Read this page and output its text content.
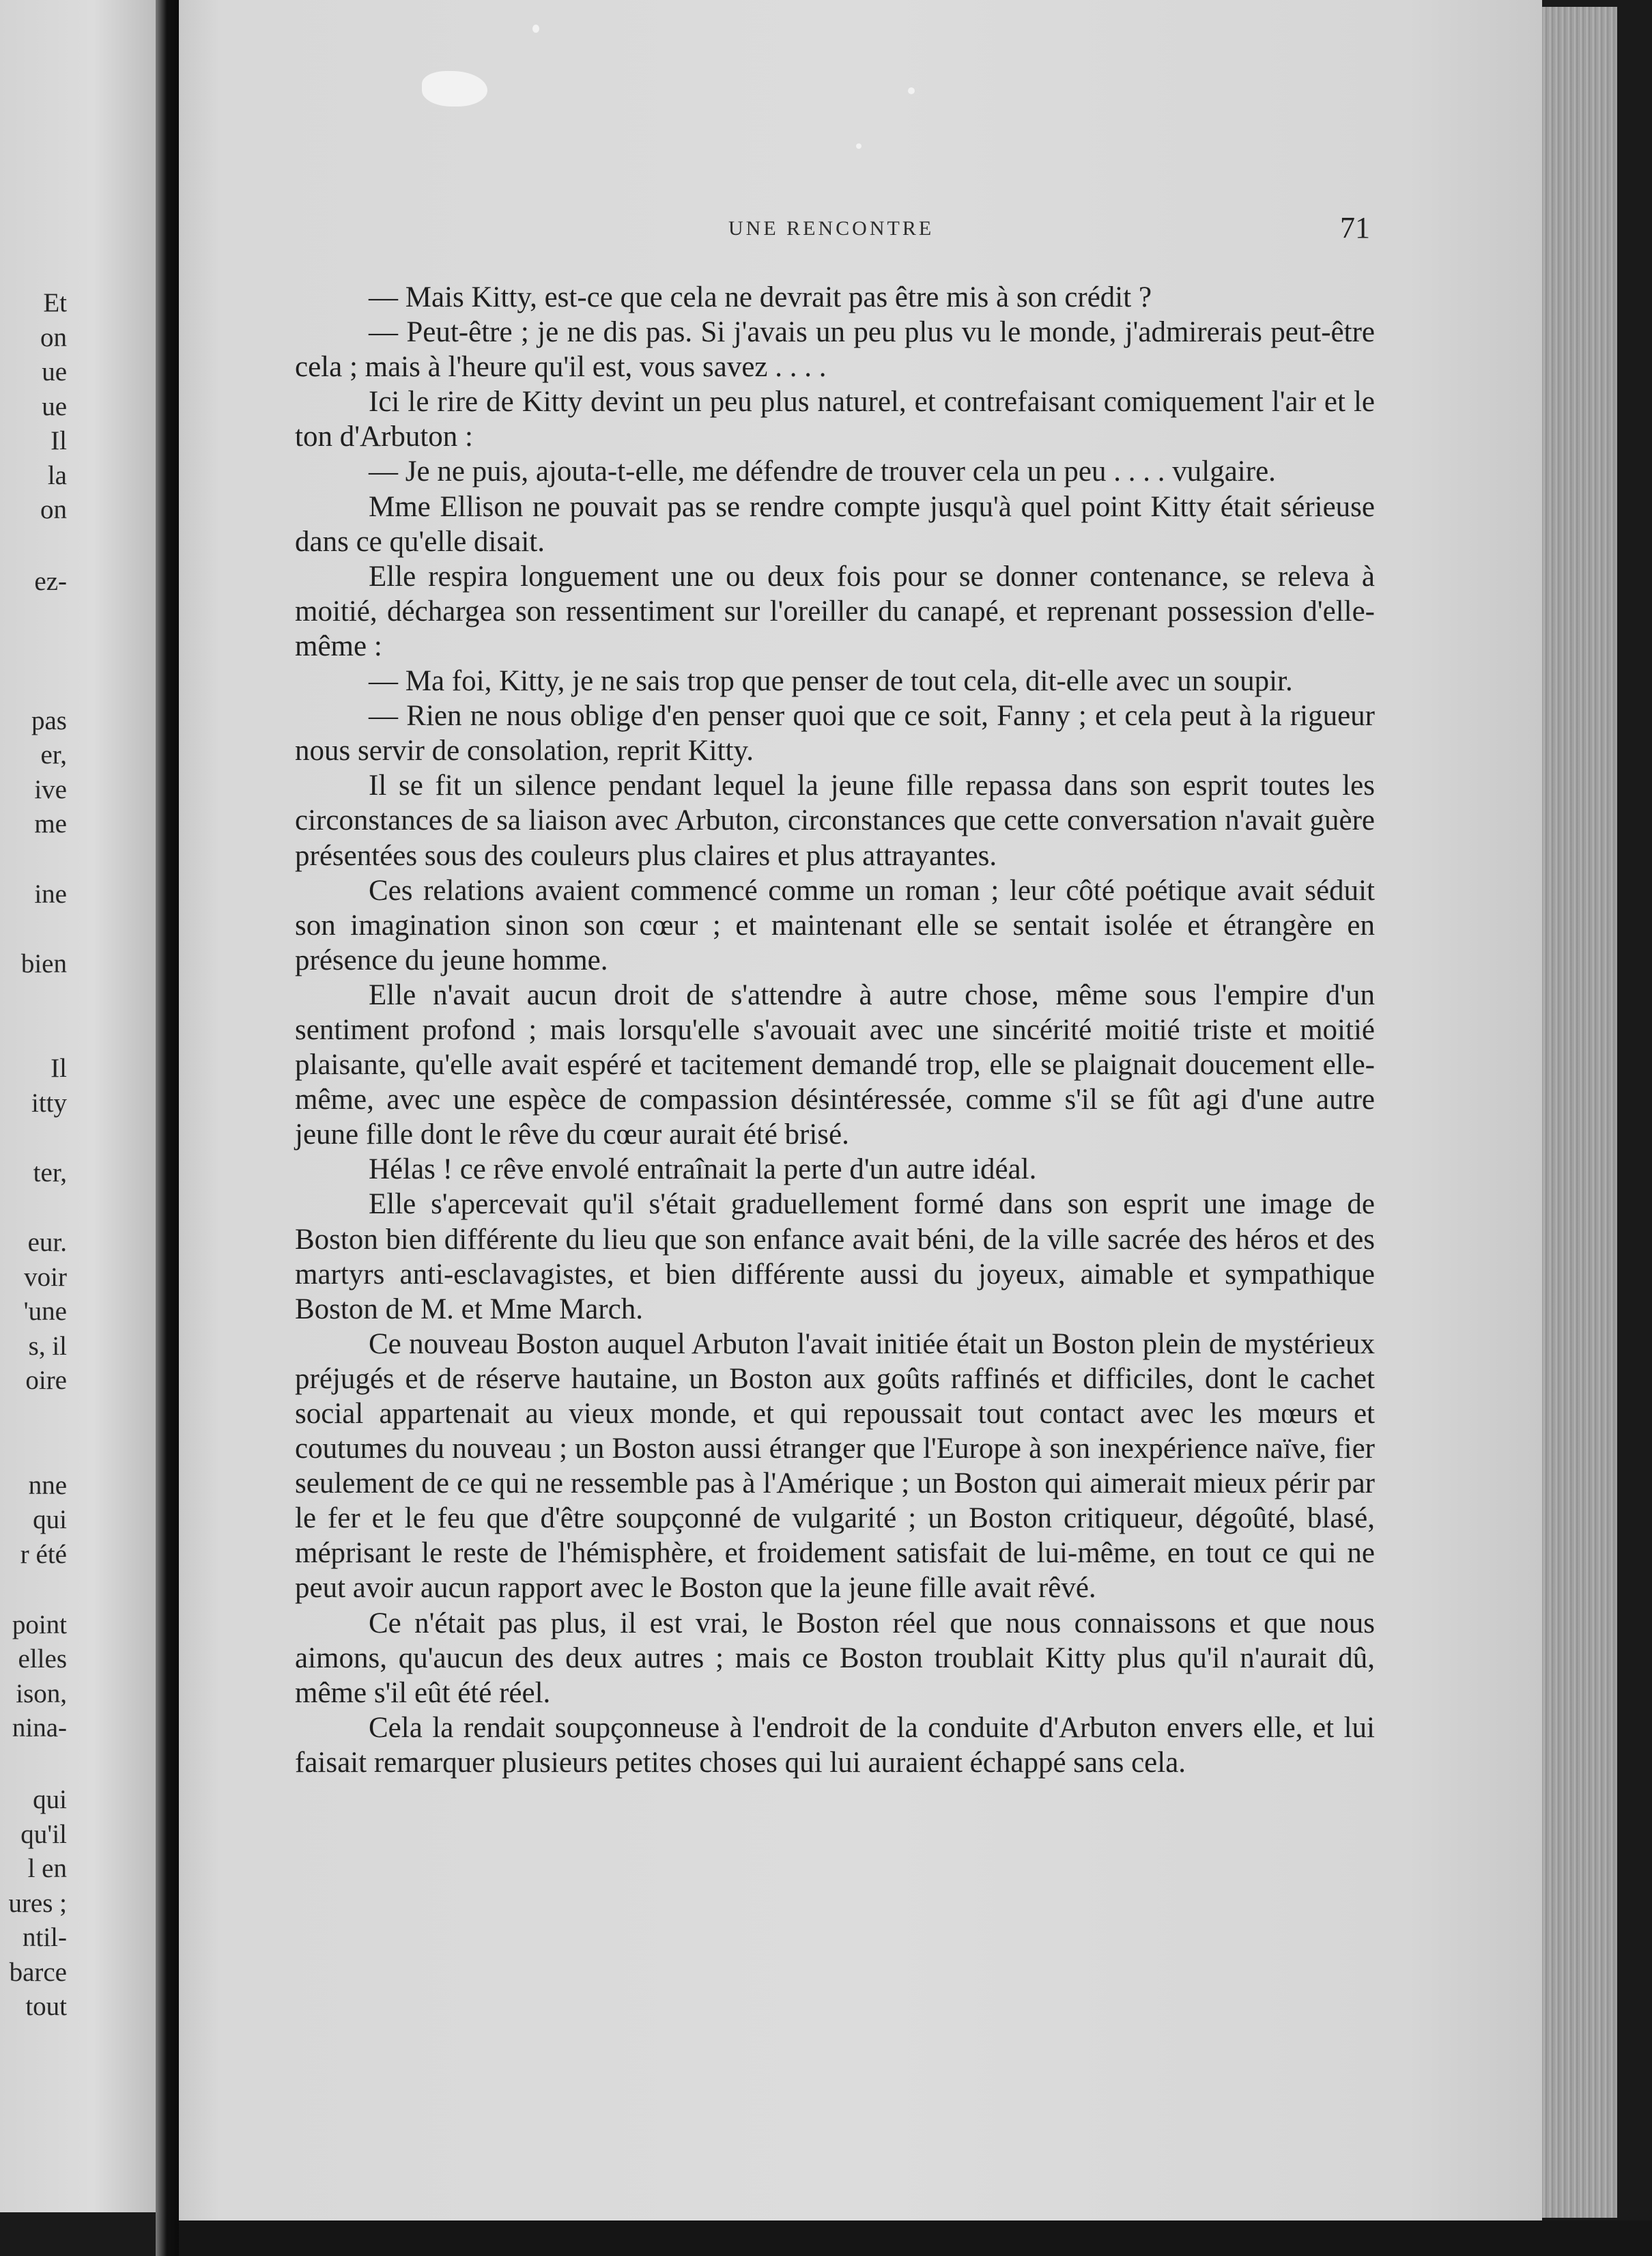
Et
on
ue
ue
Il
la
on
ez-
pas
er,
ive
me
ine
bien
Il
itty
ter,
eur.
voir
'une
s, il
oire
nne
qui
r été
point
elles
ison,
nina-
qui
qu'il
l en
ures ;
ntil-
barce
tout
UNE RENCONTRE	71

— Mais Kitty, est-ce que cela ne devrait pas être mis à son crédit ?

— Peut-être ; je ne dis pas. Si j'avais un peu plus vu le monde, j'admirerais peut-être cela ; mais à l'heure qu'il est, vous savez . . . .

Ici le rire de Kitty devint un peu plus naturel, et contrefaisant comiquement l'air et le ton d'Arbuton :

— Je ne puis, ajouta-t-elle, me défendre de trouver cela un peu . . . . vulgaire.

Mme Ellison ne pouvait pas se rendre compte jusqu'à quel point Kitty était sérieuse dans ce qu'elle disait.

Elle respira longuement une ou deux fois pour se donner contenance, se releva à moitié, déchargea son ressentiment sur l'oreiller du canapé, et reprenant possession d'elle-même :

— Ma foi, Kitty, je ne sais trop que penser de tout cela, dit-elle avec un soupir.

— Rien ne nous oblige d'en penser quoi que ce soit, Fanny ; et cela peut à la rigueur nous servir de consolation, reprit Kitty.

Il se fit un silence pendant lequel la jeune fille repassa dans son esprit toutes les circonstances de sa liaison avec Arbuton, circonstances que cette conversation n'avait guère présentées sous des couleurs plus claires et plus attrayantes.

Ces relations avaient commencé comme un roman ; leur côté poétique avait séduit son imagination sinon son cœur ; et maintenant elle se sentait isolée et étrangère en présence du jeune homme.

Elle n'avait aucun droit de s'attendre à autre chose, même sous l'empire d'un sentiment profond ; mais lorsqu'elle s'avouait avec une sincérité moitié triste et moitié plaisante, qu'elle avait espéré et tacitement demandé trop, elle se plaignait doucement elle-même, avec une espèce de compassion désintéressée, comme s'il se fût agi d'une autre jeune fille dont le rêve du cœur aurait été brisé.

Hélas ! ce rêve envolé entraînait la perte d'un autre idéal.

Elle s'apercevait qu'il s'était graduellement formé dans son esprit une image de Boston bien différente du lieu que son enfance avait béni, de la ville sacrée des héros et des martyrs anti-esclavagistes, et bien différente aussi du joyeux, aimable et sympathique Boston de M. et Mme March.

Ce nouveau Boston auquel Arbuton l'avait initiée était un Boston plein de mystérieux préjugés et de réserve hautaine, un Boston aux goûts raffinés et difficiles, dont le cachet social appartenait au vieux monde, et qui repoussait tout contact avec les mœurs et coutumes du nouveau ; un Boston aussi étranger que l'Europe à son inexpérience naïve, fier seulement de ce qui ne ressemble pas à l'Amérique ; un Boston qui aimerait mieux périr par le fer et le feu que d'être soupçonné de vulgarité ; un Boston critiqueur, dégoûté, blasé, méprisant le reste de l'hémisphère, et froidement satisfait de lui-même, en tout ce qui ne peut avoir aucun rapport avec le Boston que la jeune fille avait rêvé.

Ce n'était pas plus, il est vrai, le Boston réel que nous connaissons et que nous aimons, qu'aucun des deux autres ; mais ce Boston troublait Kitty plus qu'il n'aurait dû, même s'il eût été réel.

Cela la rendait soupçonneuse à l'endroit de la conduite d'Arbuton envers elle, et lui faisait remarquer plusieurs petites choses qui lui auraient échappé sans cela.
